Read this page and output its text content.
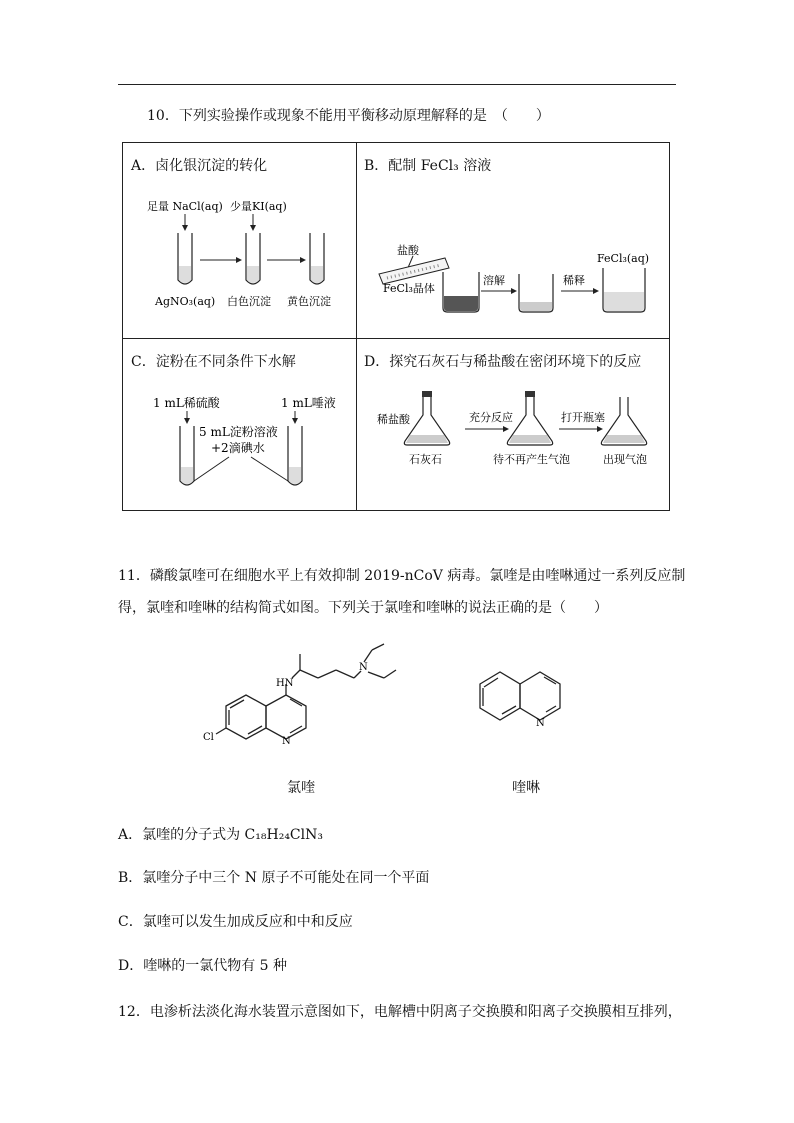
10．下列实验操作或现象不能用平衡移动原理解释的是　（　　）
A．卤化银沉淀的转化
足量 NaCl(aq) 少量KI(aq)
AgNO₃(aq) 白色沉淀 黄色沉淀
B．配制 FeCl₃ 溶液
盐酸
FeCl₃晶体
溶解	稀释
FeCl₃(aq)
C．淀粉在不同条件下水解
1 mL稀硫酸	1 mL唾液
5 mL淀粉溶液
+2滴碘水
D．探究石灰石与稀盐酸在密闭环境下的反应
稀盐酸	充分反应	打开瓶塞
石灰石	待不再产生气泡	出现气泡
11．磷酸氯喹可在细胞水平上有效抑制 2019-nCoV 病毒。氯喹是由喹啉通过一系列反应制
得，氯喹和喹啉的结构简式如图。下列关于氯喹和喹啉的说法正确的是（　　）
HN
N
Cl	N
N
氯喹	喹啉
A．氯喹的分子式为 C₁₈H₂₄ClN₃
B．氯喹分子中三个 N 原子不可能处在同一个平面
C．氯喹可以发生加成反应和中和反应
D．喹啉的一氯代物有 5 种
12．电渗析法淡化海水装置示意图如下，电解槽中阴离子交换膜和阳离子交换膜相互排列，
